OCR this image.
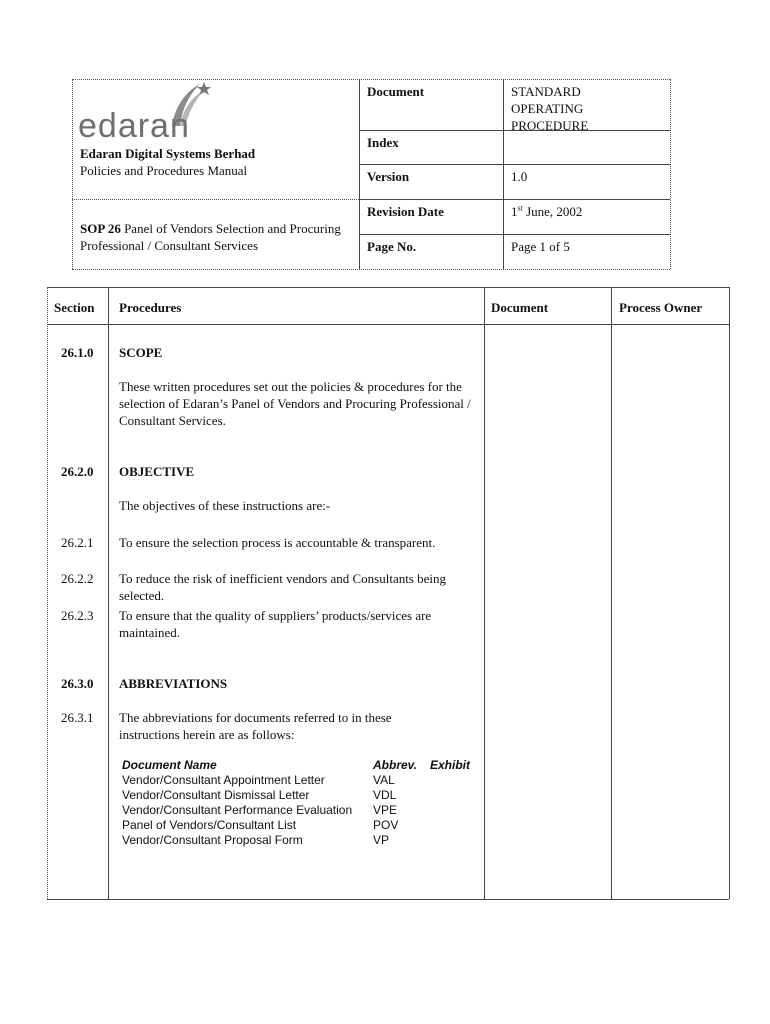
edaran
Edaran Digital Systems Berhad
Policies and Procedures Manual
SOP 26 Panel of Vendors Selection and Procuring Professional / Consultant Services
Document	STANDARD OPERATING PROCEDURE
Index
Version	1.0
Revision Date	1st June, 2002
Page No.	Page 1 of 5
Section Procedures	Document	Process Owner
26.1.0 SCOPE
These written procedures set out the policies & procedures for the selection of Edaran’s Panel of Vendors and Procuring Professional / Consultant Services.
26.2.0 OBJECTIVE
The objectives of these instructions are:-
26.2.1 To ensure the selection process is accountable & transparent.
26.2.2 To reduce the risk of inefficient vendors and Consultants being selected.
26.2.3 To ensure that the quality of suppliers’ products/services are maintained.
26.3.0 ABBREVIATIONS
26.3.1 The abbreviations for documents referred to in these instructions herein are as follows:
Document Name	Abbrev. Exhibit
Vendor/Consultant Appointment Letter	VAL
Vendor/Consultant Dismissal Letter	VDL
Vendor/Consultant Performance Evaluation VPE
Panel of Vendors/Consultant List	POV
Vendor/Consultant Proposal Form	VP
